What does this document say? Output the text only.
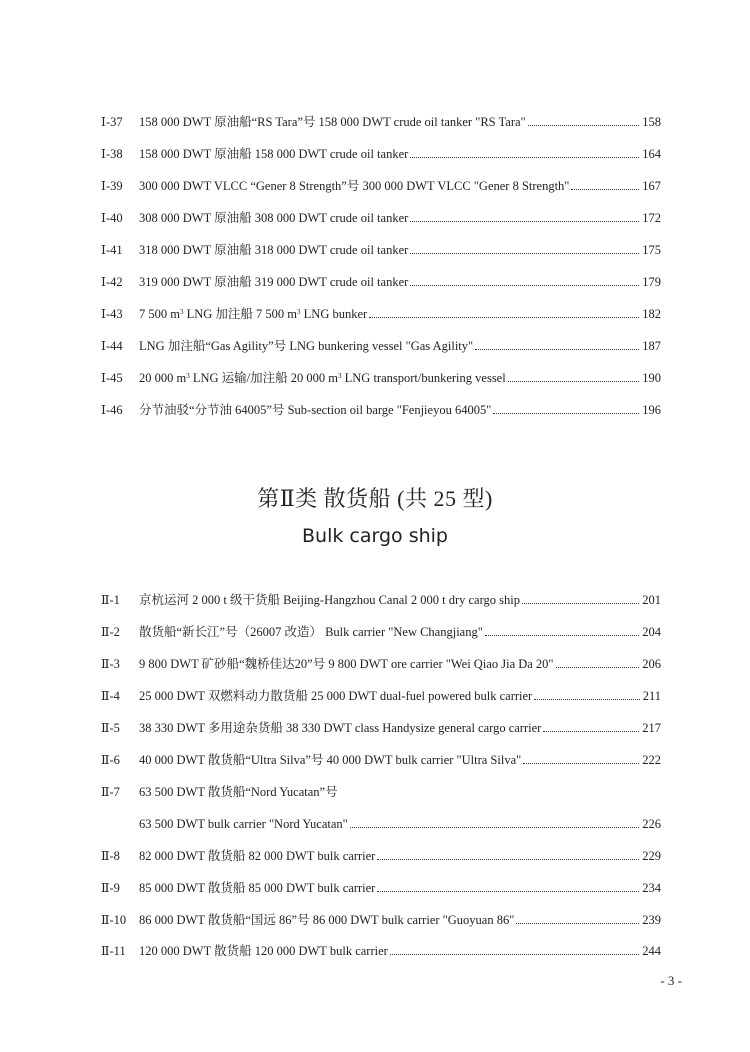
Ⅰ-37 158 000 DWT 原油船“RS Tara”号 158 000 DWT crude oil tanker "RS Tara"	158
Ⅰ-38 158 000 DWT 原油船 158 000 DWT crude oil tanker	164
Ⅰ-39 300 000 DWT VLCC “Gener 8 Strength”号 300 000 DWT VLCC "Gener 8 Strength"	167
Ⅰ-40 308 000 DWT 原油船 308 000 DWT crude oil tanker	172
Ⅰ-41 318 000 DWT 原油船 318 000 DWT crude oil tanker	175
Ⅰ-42 319 000 DWT 原油船 319 000 DWT crude oil tanker	179
Ⅰ-43 7 500 $m^3$ LNG 加注船 7 500 $m^3$ LNG bunker	182
Ⅰ-44 LNG 加注船“Gas Agility”号 LNG bunkering vessel "Gas Agility"	187
Ⅰ-45 20 000 $m^3$ LNG 运输/加注船 20 000 $m^3$ LNG transport/bunkering vessel	190
Ⅰ-46 分节油驳“分节油 64005”号 Sub-section oil barge "Fenjieyou 64005"	196
第Ⅱ类 散货船 (共 25 型)
Bulk cargo ship
Ⅱ-1 京杭运河 2 000 t 级干货船 Beijing-Hangzhou Canal 2 000 t dry cargo ship	201
Ⅱ-2 散货船“新长江”号（26007 改造） Bulk carrier "New Changjiang"	204
Ⅱ-3 9 800 DWT 矿砂船“魏桥佳达20”号 9 800 DWT ore carrier "Wei Qiao Jia Da 20"	206
Ⅱ-4 25 000 DWT 双燃料动力散货船 25 000 DWT dual-fuel powered bulk carrier	211
Ⅱ-5 38 330 DWT 多用途杂货船 38 330 DWT class Handysize general cargo carrier	217
Ⅱ-6 40 000 DWT 散货船“Ultra Silva”号 40 000 DWT bulk carrier "Ultra Silva"	222
Ⅱ-7 63 500 DWT 散货船“Nord Yucatan”号
63 500 DWT bulk carrier "Nord Yucatan"	226
Ⅱ-8 82 000 DWT 散货船 82 000 DWT bulk carrier	229
Ⅱ-9 85 000 DWT 散货船 85 000 DWT bulk carrier	234
Ⅱ-10 86 000 DWT 散货船“国远 86”号 86 000 DWT bulk carrier "Guoyuan 86"	239
Ⅱ-11 120 000 DWT 散货船 120 000 DWT bulk carrier	244
- 3 -
